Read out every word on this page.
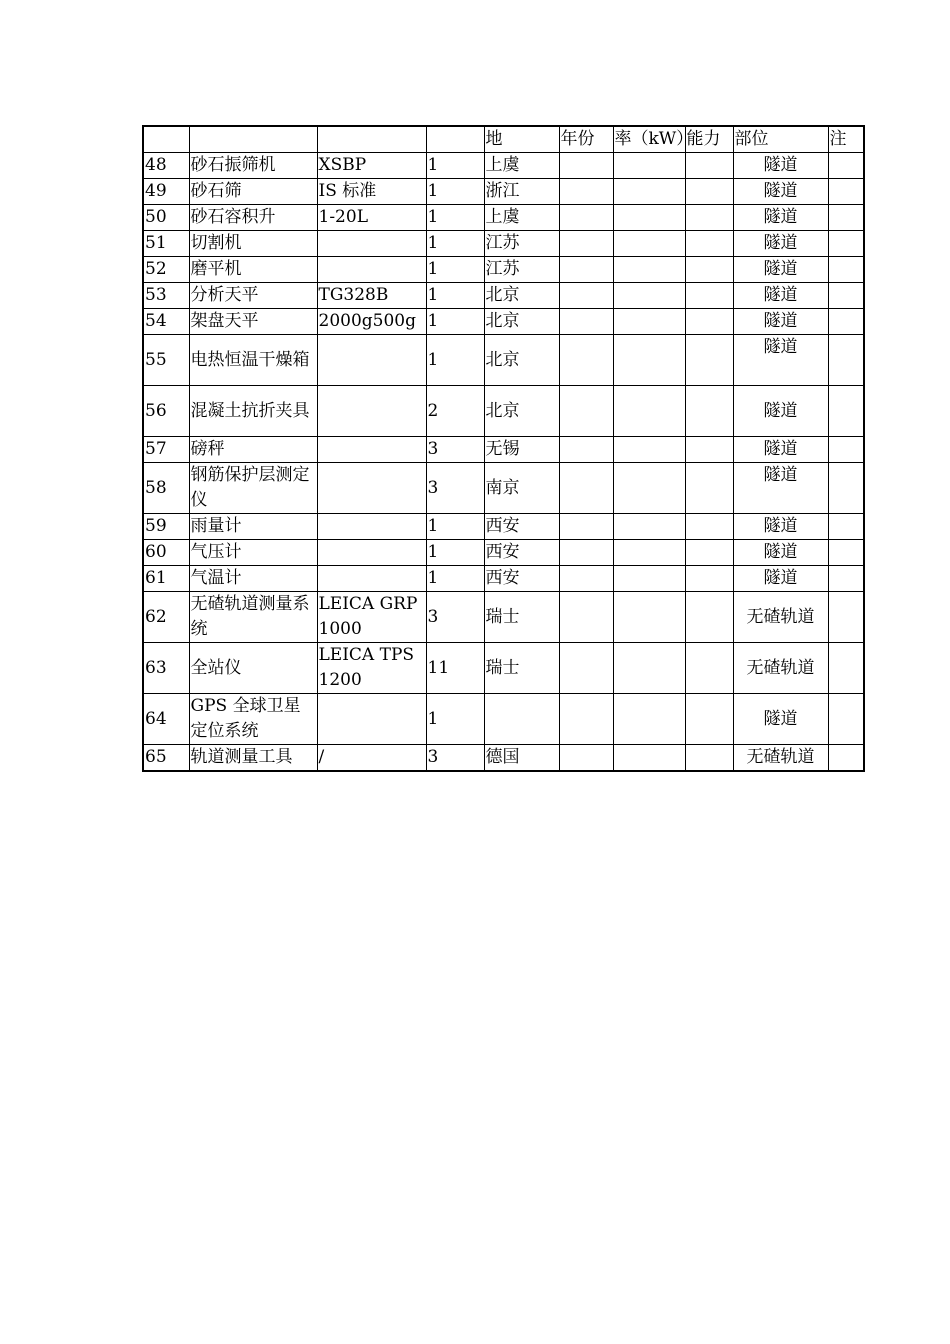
				地	年份	率（kW）	能力	部位	注
48	砂石振筛机	XSBP	1	上虞				隧道	
49	砂石筛	IS 标准	1	浙江				隧道	
50	砂石容积升	1-20L	1	上虞				隧道	
51	切割机		1	江苏				隧道	
52	磨平机		1	江苏				隧道	
53	分析天平	TG328B	1	北京				隧道	
54	架盘天平	2000g500g	1	北京				隧道	
55	电热恒温干燥箱		1	北京				隧道	
56	混凝土抗折夹具		2	北京				隧道	
57	磅秤		3	无锡				隧道	
58	钢筋保护层测定仪		3	南京				隧道	
59	雨量计		1	西安				隧道	
60	气压计		1	西安				隧道	
61	气温计		1	西安				隧道	
62	无碴轨道测量系统	LEICA GRP1000	3	瑞士				无碴轨道	
63	全站仪	LEICA TPS1200	11	瑞士				无碴轨道	
64	GPS 全球卫星定位系统		1					隧道	
65	轨道测量工具	/	3	德国				无碴轨道	
